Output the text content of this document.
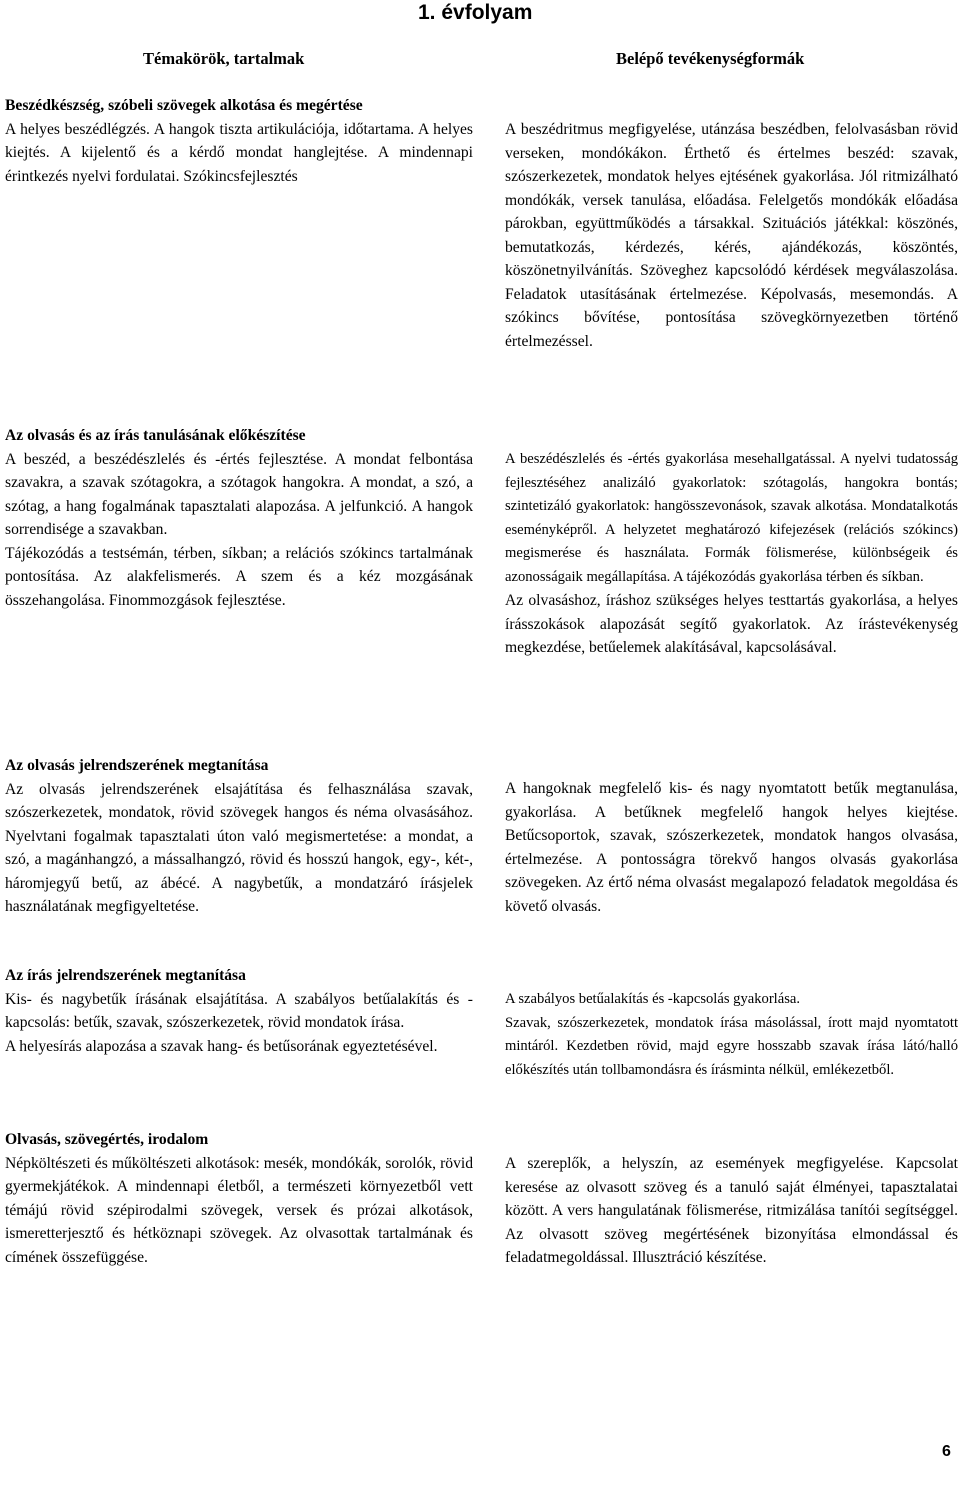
1. évfolyam
Témakörök, tartalmak	Belépő tevékenységformák
Beszédkészség, szóbeli szövegek alkotása és megértése
A helyes beszédlégzés. A hangok tiszta artikulációja, időtartama. A helyes kiejtés. A kijelentő és a kérdő mondat hanglejtése. A mindennapi érintkezés nyelvi fordulatai. Szókincsfejlesztés
A beszédritmus megfigyelése, utánzása beszédben, felolvasásban rövid verseken, mondókákon. Érthető és értelmes beszéd: szavak, szószerkezetek, mondatok helyes ejtésének gyakorlása. Jól ritmizálható mondókák, versek tanulása, előadása. Felelgetős mondókák előadása párokban, együttműködés a társakkal. Szituációs játékkal: köszönés, bemutatkozás, kérdezés, kérés, ajándékozás, köszöntés, köszönetnyilvánítás. Szöveghez kapcsolódó kérdések megválaszolása. Feladatok utasításának értelmezése. Képolvasás, mesemondás. A szókincs bővítése, pontosítása szövegkörnyezetben történő értelmezéssel.
Az olvasás és az írás tanulásának előkészítése
A beszéd, a beszédészlelés és -értés fejlesztése. A mondat felbontása szavakra, a szavak szótagokra, a szótagok hangokra. A mondat, a szó, a szótag, a hang fogalmának tapasztalati alapozása. A jelfunkció. A hangok sorrendisége a szavakban.
Tájékozódás a testsémán, térben, síkban; a relációs szókincs tartalmának pontosítása. Az alakfelismerés. A szem és a kéz mozgásának összehangolása. Finommozgások fejlesztése.
A beszédészlelés és -értés gyakorlása mesehallgatással. A nyelvi tudatosság fejlesztéséhez analizáló gyakorlatok: szótagolás, hangokra bontás; szintetizáló gyakorlatok: hangösszevonások, szavak alkotása. Mondatalkotás eseményképről. A helyzetet meghatározó kifejezések (relációs szókincs) megismerése és használata. Formák fölismerése, különbségeik és azonosságaik megállapítása. A tájékozódás gyakorlása térben és síkban.
Az olvasáshoz, íráshoz szükséges helyes testtartás gyakorlása, a helyes írásszokások alapozását segítő gyakorlatok. Az írástevékenység megkezdése, betűelemek alakításával, kapcsolásával.
Az olvasás jelrendszerének megtanítása
Az olvasás jelrendszerének elsajátítása és felhasználása szavak, szószerkezetek, mondatok, rövid szövegek hangos és néma olvasásához. Nyelvtani fogalmak tapasztalati úton való megismertetése: a mondat, a szó, a magánhangzó, a mássalhangzó, rövid és hosszú hangok, egy-, két-, háromjegyű betű, az ábécé. A nagybetűk, a mondatzáró írásjelek használatának megfigyeltetése.
A hangoknak megfelelő kis- és nagy nyomtatott betűk megtanulása, gyakorlása. A betűknek megfelelő hangok helyes kiejtése. Betűcsoportok, szavak, szószerkezetek, mondatok hangos olvasása, értelmezése. A pontosságra törekvő hangos olvasás gyakorlása szövegeken. Az értő néma olvasást megalapozó feladatok megoldása és követő olvasás.
Az írás jelrendszerének megtanítása
Kis- és nagybetűk írásának elsajátítása. A szabályos betűalakítás és -kapcsolás: betűk, szavak, szószerkezetek, rövid mondatok írása.
A helyesírás alapozása a szavak hang- és betűsorának egyeztetésével.
A szabályos betűalakítás és -kapcsolás gyakorlása.
Szavak, szószerkezetek, mondatok írása másolással, írott majd nyomtatott mintáról. Kezdetben rövid, majd egyre hosszabb szavak írása látó/halló előkészítés után tollbamondásra és írásminta nélkül, emlékezetből.
Olvasás, szövegértés, irodalom
Népköltészeti és műköltészeti alkotások: mesék, mondókák, sorolók, rövid gyermekjátékok. A mindennapi életből, a természeti környezetből vett témájú rövid szépirodalmi szövegek, versek és prózai alkotások, ismeretterjesztő és hétköznapi szövegek. Az olvasottak tartalmának és címének összefüggése.
A szereplők, a helyszín, az események megfigyelése. Kapcsolat keresése az olvasott szöveg és a tanuló saját élményei, tapasztalatai között. A vers hangulatának fölismerése, ritmizálása tanítói segítséggel. Az olvasott szöveg megértésének bizonyítása elmondással és feladatmegoldással. Illusztráció készítése.
6
